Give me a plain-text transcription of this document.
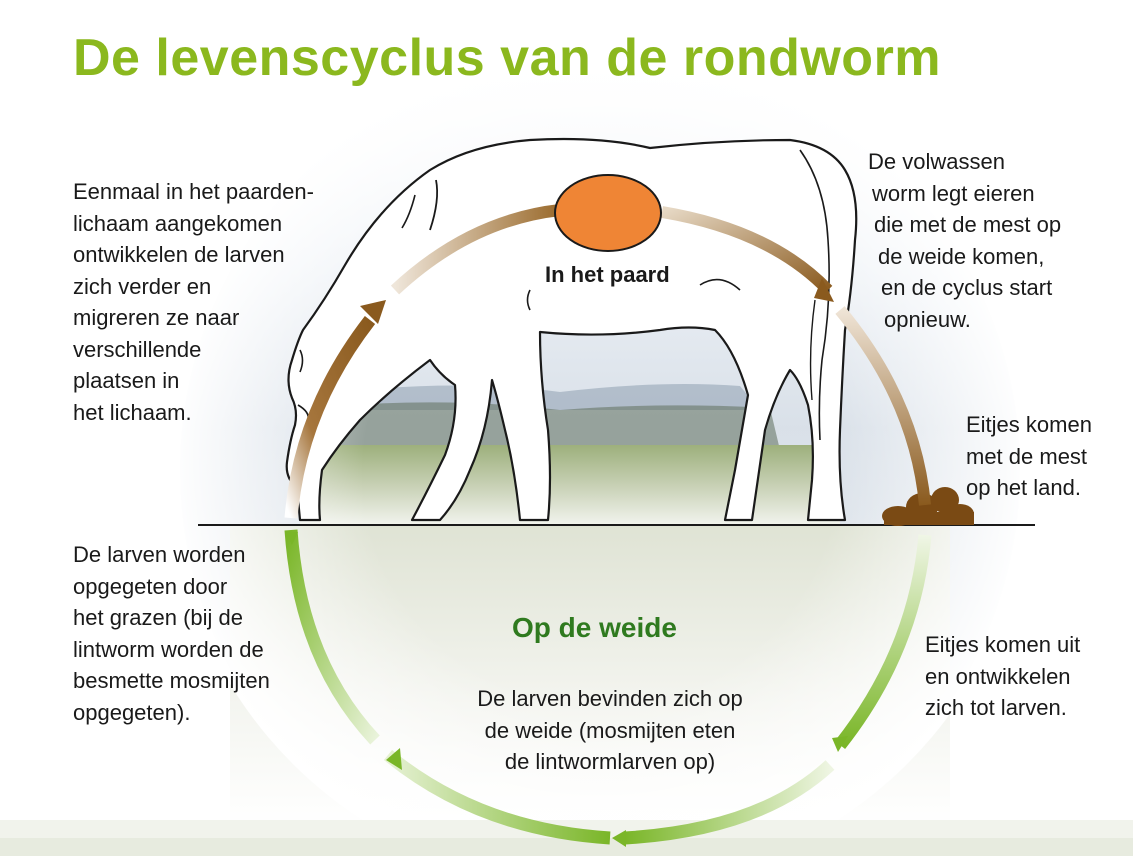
De levenscyclus van de rondworm
In het paard
Op de weide
Eenmaal in het paarden-
lichaam aangekomen
ontwikkelen de larven
zich verder en
migreren ze naar
verschillende
plaatsen in
het lichaam.
De volwassen
worm legt eieren
die met de mest op
de weide komen,
en de cyclus start
opnieuw.
Eitjes komen
met de mest
op het land.
Eitjes komen uit
en ontwikkelen
zich tot larven.
De larven worden
opgegeten door
het grazen (bij de
lintworm worden de
besmette mosmijten
opgegeten).
De larven bevinden zich op
de weide (mosmijten eten
de lintwormlarven op)
